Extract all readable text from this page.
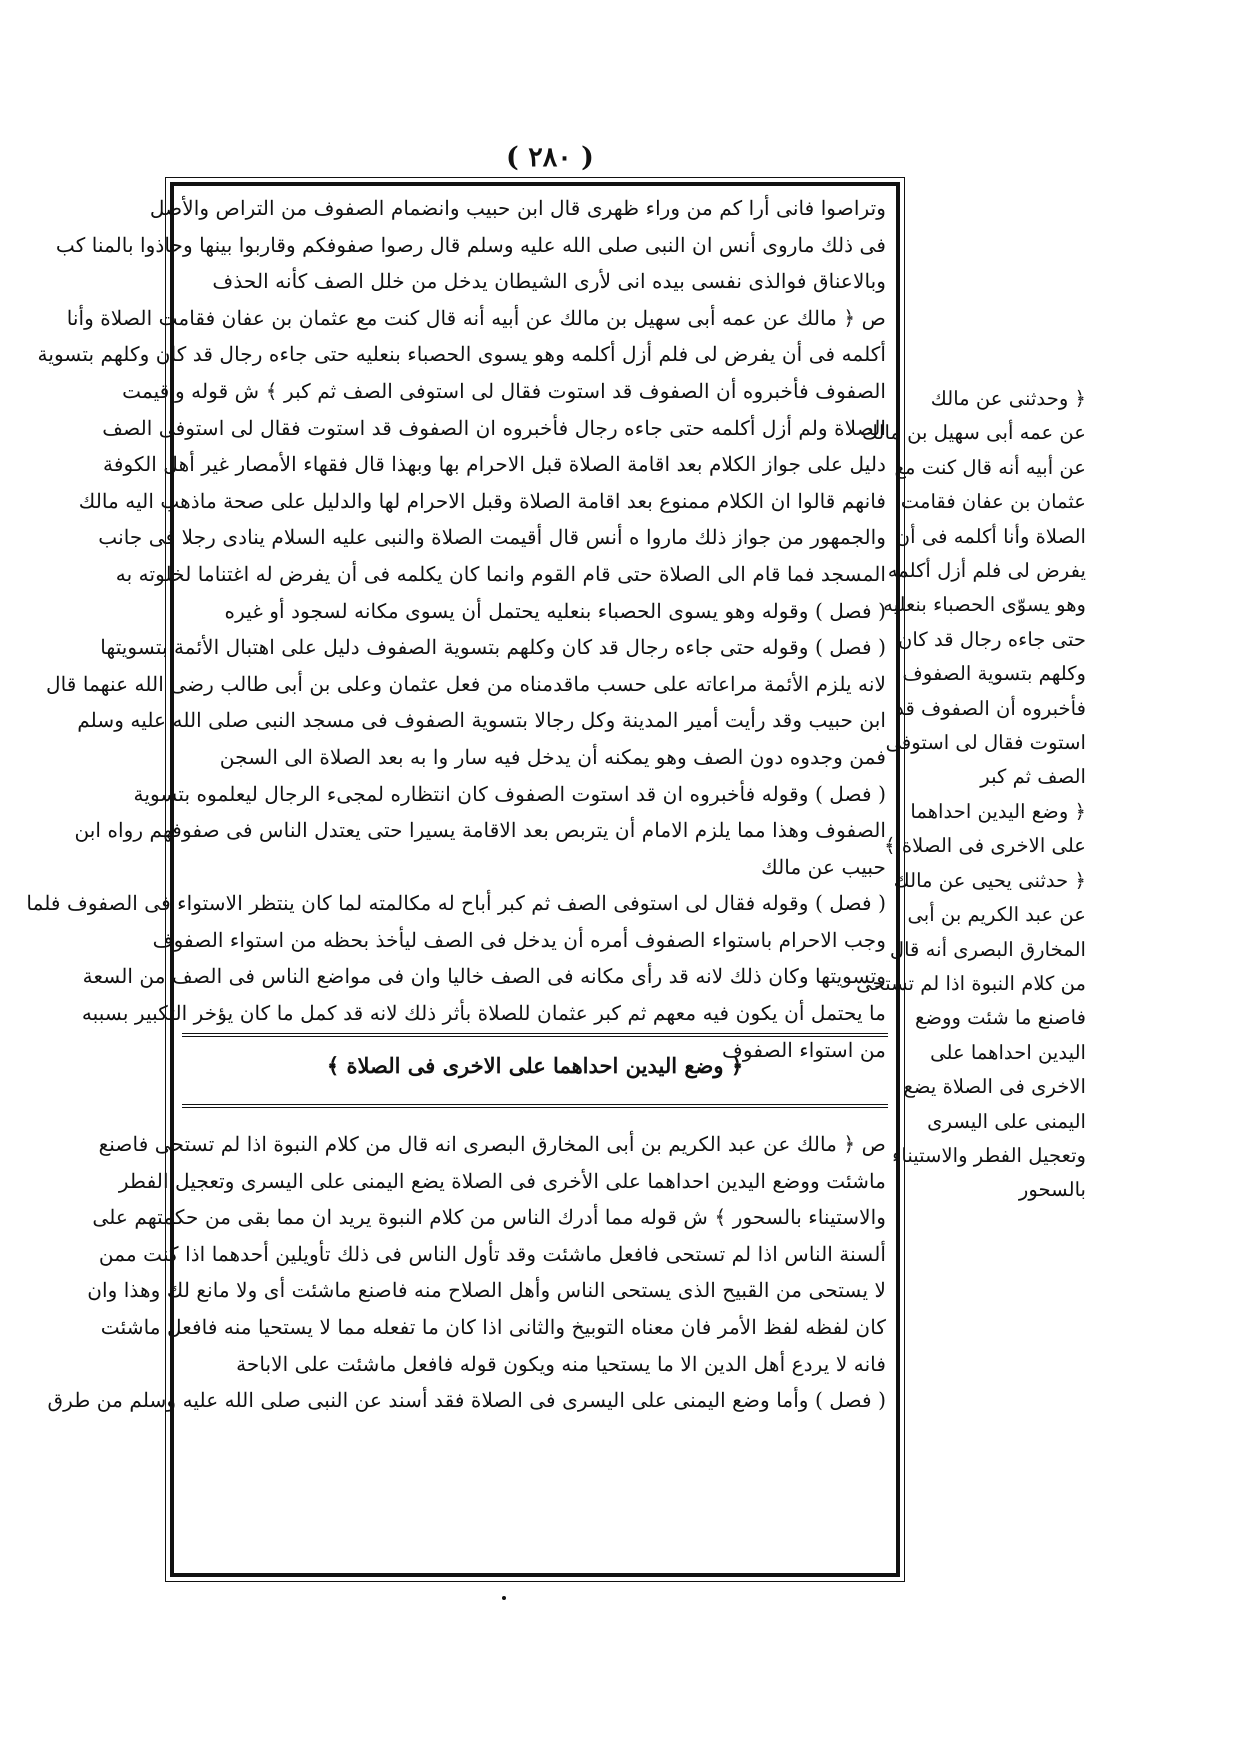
( ٢٨٠ )
وتراصوا فانى أرا كم من وراء ظهرى قال ابن حبيب وانضمام الصفوف من التراص والأصل
فى ذلك ماروى أنس ان النبى صلى الله عليه وسلم قال رصوا صفوفكم وقاربوا بينها وحاذوا بالمنا كب
وبالاعناق فوالذى نفسى بيده انى لأرى الشيطان يدخل من خلل الصف كأنه الحذف
ص ﴿ مالك عن عمه أبى سهيل بن مالك عن أبيه أنه قال كنت مع عثمان بن عفان فقامت الصلاة وأنا
أكلمه فى أن يفرض لى فلم أزل أكلمه وهو يسوى الحصباء بنعليه حتى جاءه رجال قد كان وكلهم بتسوية
الصفوف فأخبروه أن الصفوف قد استوت فقال لى استوفى الصف ثم كبر ﴾ ش قوله وأقيمت
الصلاة ولم أزل أكلمه حتى جاءه رجال فأخبروه ان الصفوف قد استوت فقال لى استوفى الصف
دليل على جواز الكلام بعد اقامة الصلاة قبل الاحرام بها وبهذا قال فقهاء الأمصار غير أهل الكوفة
فانهم قالوا ان الكلام ممنوع بعد اقامة الصلاة وقبل الاحرام لها والدليل على صحة ماذهب اليه مالك
والجمهور من جواز ذلك ماروا ه أنس قال أقيمت الصلاة والنبى عليه السلام ينادى رجلا فى جانب
المسجد فما قام الى الصلاة حتى قام القوم وانما كان يكلمه فى أن يفرض له اغتناما لخلوته به
( فصل ) وقوله وهو يسوى الحصباء بنعليه يحتمل أن يسوى مكانه لسجود أو غيره
( فصل ) وقوله حتى جاءه رجال قد كان وكلهم بتسوية الصفوف دليل على اهتبال الأئمة بتسويتها
لانه يلزم الأئمة مراعاته على حسب ماقدمناه من فعل عثمان وعلى بن أبى طالب رضى الله عنهما قال
ابن حبيب وقد رأيت أمير المدينة وكل رجالا بتسوية الصفوف فى مسجد النبى صلى الله عليه وسلم
فمن وجدوه دون الصف وهو يمكنه أن يدخل فيه سار وا به بعد الصلاة الى السجن
( فصل ) وقوله فأخبروه ان قد استوت الصفوف كان انتظاره لمجىء الرجال ليعلموه بتسوية
الصفوف وهذا مما يلزم الامام أن يتربص بعد الاقامة يسيرا حتى يعتدل الناس فى صفوفهم رواه ابن
حبيب عن مالك
( فصل ) وقوله فقال لى استوفى الصف ثم كبر أباح له مكالمته لما كان ينتظر الاستواء فى الصفوف فلما
وجب الاحرام باستواء الصفوف أمره أن يدخل فى الصف ليأخذ بحظه من استواء الصفوف
وتسويتها وكان ذلك لانه قد رأى مكانه فى الصف خاليا وان فى مواضع الناس فى الصف من السعة
ما يحتمل أن يكون فيه معهم ثم كبر عثمان للصلاة بأثر ذلك لانه قد كمل ما كان يؤخر التكبير بسببه
من استواء الصفوف
﴿ وضع اليدين احداهما على الاخرى فى الصلاة ﴾
ص ﴿ مالك عن عبد الكريم بن أبى المخارق البصرى انه قال من كلام النبوة اذا لم تستحى فاصنع
ماشئت ووضع اليدين احداهما على الأخرى فى الصلاة يضع اليمنى على اليسرى وتعجيل الفطر
والاستيناء بالسحور ﴾ ش قوله مما أدرك الناس من كلام النبوة يريد ان مما بقى من حكمتهم على
ألسنة الناس اذا لم تستحى فافعل ماشئت وقد تأول الناس فى ذلك تأويلين أحدهما اذا كنت ممن
لا يستحى من القبيح الذى يستحى الناس وأهل الصلاح منه فاصنع ماشئت أى ولا مانع لك وهذا وان
كان لفظه لفظ الأمر فان معناه التوبيخ والثانى اذا كان ما تفعله مما لا يستحيا منه فافعل ماشئت
فانه لا يردع أهل الدين الا ما يستحيا منه ويكون قوله فافعل ماشئت على الاباحة
( فصل ) وأما وضع اليمنى على اليسرى فى الصلاة فقد أسند عن النبى صلى الله عليه وسلم من طرق
﴿ وحدثنى عن مالك
عن عمه أبى سهيل بن مالك
عن أبيه أنه قال كنت مع
عثمان بن عفان فقامت
الصلاة وأنا أكلمه فى أن
يفرض لى فلم أزل أكلمه
وهو يسوّى الحصباء بنعليه
حتى جاءه رجال قد كان
وكلهم بتسوية الصفوف
فأخبروه أن الصفوف قد
استوت فقال لى استوفى
الصف ثم كبر
﴿ وضع اليدين احداهما
على الاخرى فى الصلاة ﴾
﴿ حدثنى يحيى عن مالك
عن عبد الكريم بن أبى
المخارق البصرى أنه قال
من كلام النبوة اذا لم تستحى
فاصنع ما شئت ووضع
اليدين احداهما على
الاخرى فى الصلاة يضع
اليمنى على اليسرى
وتعجيل الفطر والاستيناء
بالسحور
